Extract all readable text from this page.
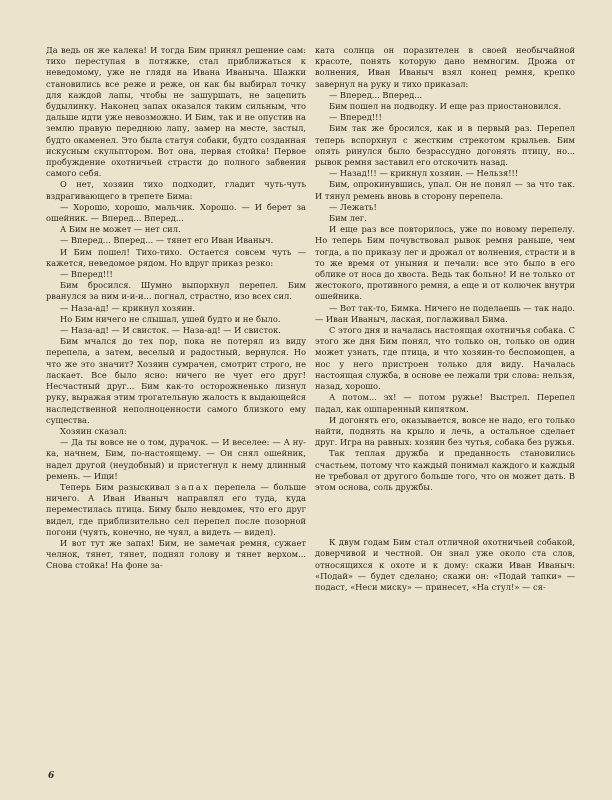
Да ведь он же калека! И тогда Бим принял решение сам: тихо переступая в потяжке, стал приближаться к неведомому, уже не глядя на Ивана Иваныча. Шажки становились все реже и реже, он как бы выбирал точку для каждой лапы, чтобы не зашуршать, не зацепить будылинку. Наконец запах оказался таким сильным, что дальше идти уже невозможно. И Бим, так и не опустив на землю правую переднюю лапу, замер на месте, застыл, будто окаменел. Это была статуя собаки, будто созданная искусным скульптором. Вот она, первая стойка! Первое пробуждение охотничьей страсти до полного забвения самого себя.

О нет, хозяин тихо подходит, гладит чуть-чуть вздрагивающего в трепете Бима:

— Хорошо, хорошо, мальчик. Хорошо. — И берет за ошейник. — Вперед... Вперед...

А Бим не может — нет сил.

— Вперед... Вперед... — тянет его Иван Иваныч.

И Бим пошел! Тихо-тихо. Остается совсем чуть — кажется, неведомое рядом. Но вдруг приказ резко:

— Вперед!!!

Бим бросился. Шумно выпорхнул перепел. Бим рванулся за ним и-и-и... погнал, страстно, изо всех сил.

— Наза-ад! — крикнул хозяин.

Но Бим ничего не слышал, ушей будто и не было.

— Наза-ад! — И свисток. — Наза-ад! — И свисток.

Бим мчался до тех пор, пока не потерял из виду перепела, а затем, веселый и радостный, вернулся. Но что же это значит? Хозяин сумрачен, смотрит строго, не ласкает. Все было ясно: ничего не чует его друг! Несчастный друг... Бим как-то осторожненько лизнул руку, выражая этим трогательную жалость к выдающейся наследственной неполноценности самого близкого ему существа.

Хозяин сказал:

— Да ты вовсе не о том, дурачок. — И веселее: — А ну-ка, начнем, Бим, по-настоящему. — Он снял ошейник, надел другой (неудобный) и пристегнул к нему длинный ремень. — Ищи!

Теперь Бим разыскивал запах перепела — больше ничего. А Иван Иваныч направлял его туда, куда переместилась птица. Биму было невдомек, что его друг видел, где приблизительно сел перепел после позорной погони (чуять, конечно, не чуял, а видеть — видел).

И вот тут же запах! Бим, не замечая ремня, сужает челнок, тянет, тянет, поднял голову и тянет верхом... Снова стойка! На фоне за-

ката солнца он поразителен в своей необычайной красоте, понять которую дано немногим. Дрожа от волнения, Иван Иваныч взял конец ремня, крепко завернул на руку и тихо приказал:

— Вперед... Вперед...

Бим пошел на подводку. И еще раз приостановился.

— Вперед!!!

Бим так же бросился, как и в первый раз. Перепел теперь вспорхнул с жестким стрекотом крыльев. Бим опять ринулся было безрассудно догонять птицу, но... рывок ремня заставил его отскочить назад.

— Назад!!! — крикнул хозяин. — Нельзя!!!

Бим, опрокинувшись, упал. Он не понял — за что так. И тянул ремень вновь в сторону перепела.

— Лежать!

Бим лег.

И еще раз все повторилось, уже по новому перепелу. Но теперь Бим почувствовал рывок ремня раньше, чем тогда, а по приказу лег и дрожал от волнения, страсти и в то же время от уныния и печали: все это было в его облике от носа до хвоста. Ведь так больно! И не только от жестокого, противного ремня, а еще и от колючек внутри ошейника.

— Вот так-то, Бимка. Ничего не поделаешь — так надо. — Иван Иваныч, лаская, поглаживал Бима.

С этого дня и началась настоящая охотничья собака. С этого же дня Бим понял, что только он, только он один может узнать, где птица, и что хозяин-то беспомощен, а нос у него пристроен только для виду. Началась настоящая служба, в основе ее лежали три слова: нельзя, назад, хорошо.

А потом... эх! — потом ружье! Выстрел. Перепел падал, как ошпаренный кипятком.

И догонять его, оказывается, вовсе не надо, его только найти, поднять на крыло и лечь, а остальное сделает друг. Игра на равных: хозяин без чутья, собака без ружья.

Так теплая дружба и преданность становились счастьем, потому что каждый понимал каждого и каждый не требовал от другого больше того, что он может дать. В этом основа, соль дружбы.

К двум годам Бим стал отличной охотничьей собакой, доверчивой и честной. Он знал уже около ста слов, относящихся к охоте и к дому: скажи Иван Иваныч: «Подай» — будет сделано; скажи он: «Подай тапки» — подаст, «Неси миску» — принесет, «На стул!» — ся-

6
